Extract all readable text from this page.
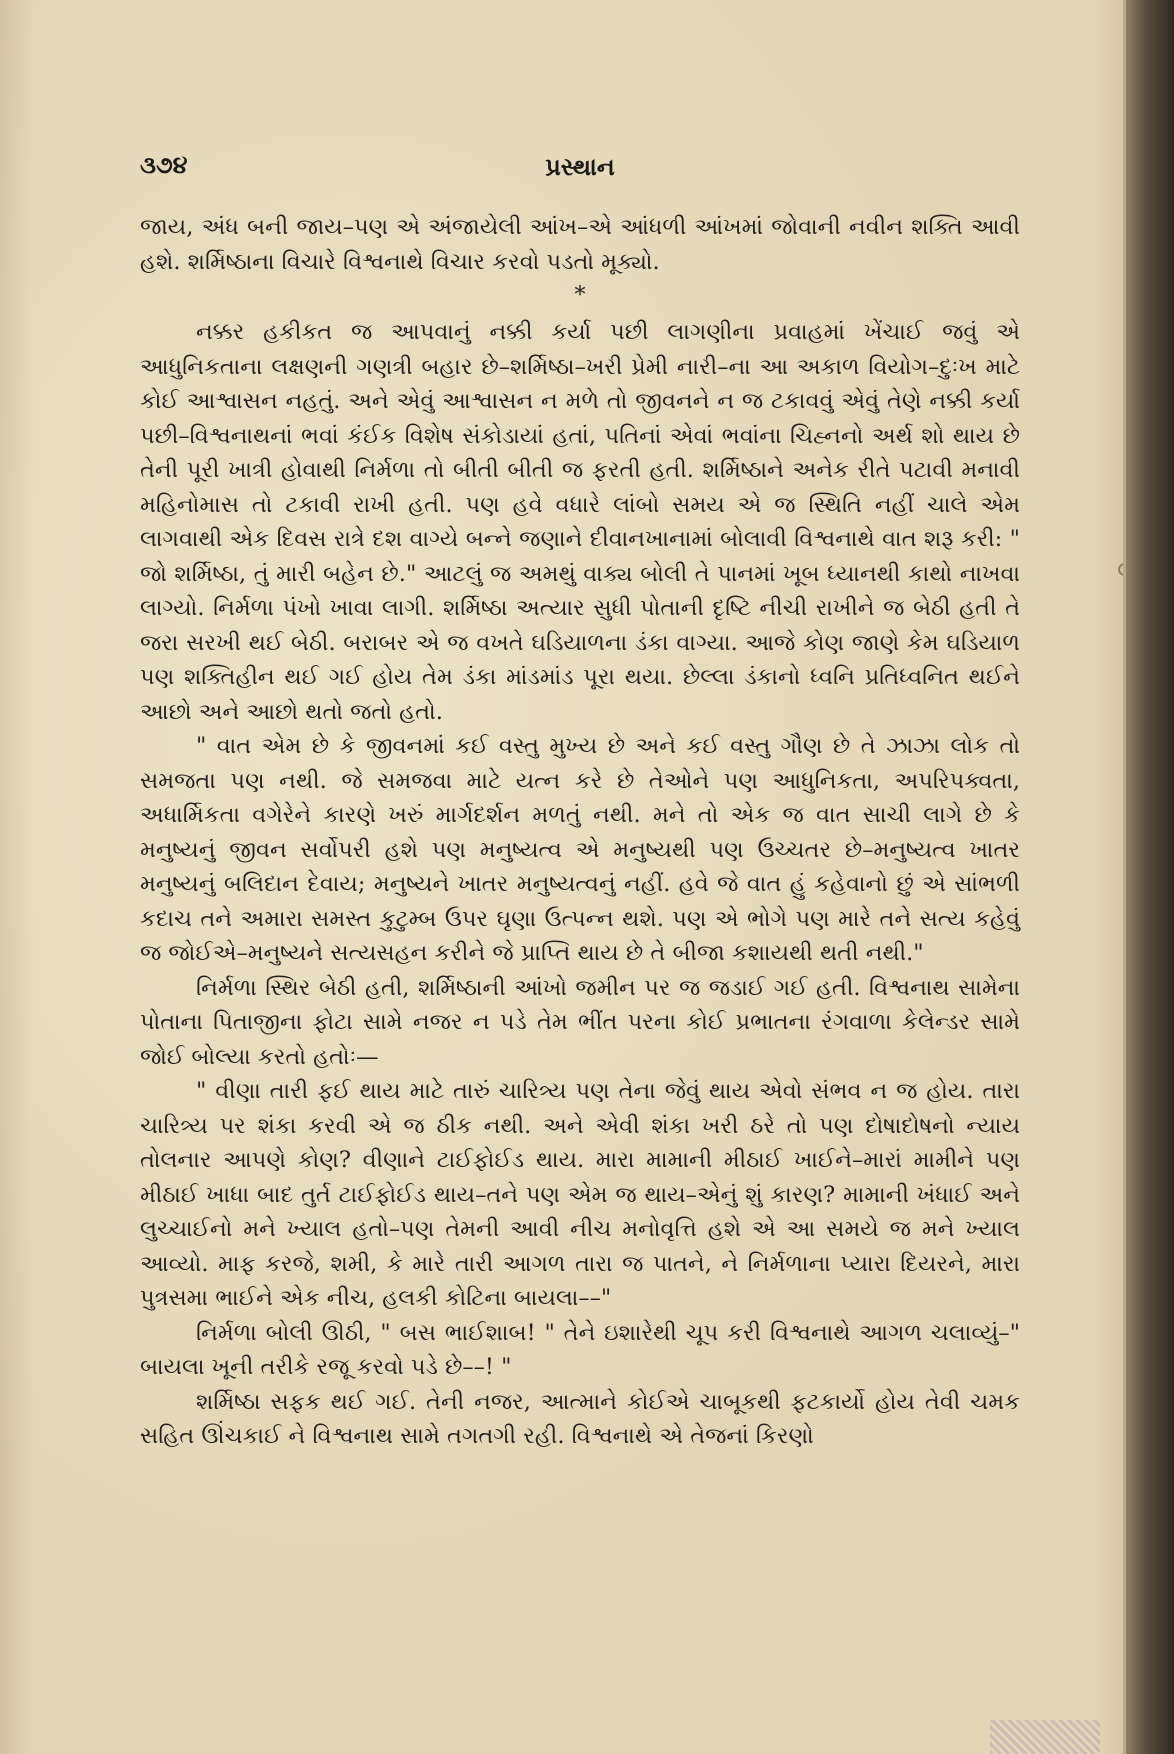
૩૭૪	પ્રસ્થાન

જાય, અંધ બની જાય–પણ એ અંજાયેલી આંખ–એ આંધળી આંખમાં જોવાની નવીન શક્તિ આવી હશે. શર્મિષ્ઠાના વિચારે વિશ્વનાથે વિચાર કરવો પડતો મૂક્યો.

*

નક્કર હકીકત જ આપવાનું નક્કી કર્યા પછી લાગણીના પ્રવાહમાં ખેંચાઈ જવું એ આધુનિકતાના લક્ષણની ગણત્રી બહાર છે–શર્મિષ્ઠા–ખરી પ્રેમી નારી–ના આ અકાળ વિયોગ–દુઃખ માટે કોઈ આશ્વાસન નહતું. અને એવું આશ્વાસન ન મળે તો જીવનને ન જ ટકાવવું એવું તેણે નક્કી કર્યા પછી–વિશ્વનાથનાં ભવાં કંઈક વિશેષ સંકોડાયાં હતાં, પતિનાં એવાં ભવાંના ચિહ્નનો અર્થ શો થાય છે તેની પૂરી ખાત્રી હોવાથી નિર્મળા તો બીતી બીતી જ ફરતી હતી. શર્મિષ્ઠાને અનેક રીતે પટાવી મનાવી મહિનોમાસ તો ટકાવી રાખી હતી. પણ હવે વધારે લાંબો સમય એ જ સ્થિતિ નહીં ચાલે એમ લાગવાથી એક દિવસ રાત્રે દશ વાગ્યે બન્ને જણાને દીવાનખાનામાં બોલાવી વિશ્વનાથે વાત શરૂ કરી: " જો શર્મિષ્ઠા, તું મારી બહેન છે." આટલું જ અમથું વાક્ય બોલી તે પાનમાં ખૂબ ધ્યાનથી કાથો નાખવા લાગ્યો. નિર્મળા પંખો ખાવા લાગી. શર્મિષ્ઠા અત્યાર સુધી પોતાની દૃષ્ટિ નીચી રાખીને જ બેઠી હતી તે જરા સરખી થઈ બેઠી. બરાબર એ જ વખતે ઘડિયાળના ડંકા વાગ્યા. આજે કોણ જાણે કેમ ઘડિયાળ પણ શક્તિહીન થઈ ગઈ હોય તેમ ડંકા માંડમાંડ પૂરા થયા. છેલ્લા ડંકાનો ધ્વનિ પ્રતિધ્વનિત થઈને આછો અને આછો થતો જતો હતો.

" વાત એમ છે કે જીવનમાં કઈ વસ્તુ મુખ્ય છે અને કઈ વસ્તુ ગૌણ છે તે ઝાઝા લોક તો સમજતા પણ નથી. જે સમજવા માટે યત્ન કરે છે તેઓને પણ આધુનિકતા, અપરિપક્વતા, અધાર્મિકતા વગેરેને કારણે ખરું માર્ગદર્શન મળતું નથી. મને તો એક જ વાત સાચી લાગે છે કે મનુષ્યનું જીવન સર્વોપરી હશે પણ મનુષ્યત્વ એ મનુષ્યથી પણ ઉચ્ચતર છે–મનુષ્યત્વ ખાતર મનુષ્યનું બલિદાન દેવાય; મનુષ્યને ખાતર મનુષ્યત્વનું નહીં. હવે જે વાત હું કહેવાનો છું એ સાંભળી કદાચ તને અમારા સમસ્ત કુટુમ્બ ઉપર ઘૃણા ઉત્પન્ન થશે. પણ એ ભોગે પણ મારે તને સત્ય કહેવું જ જોઈએ–મનુષ્યને સત્યસહન કરીને જે પ્રાપ્તિ થાય છે તે બીજા કશાયથી થતી નથી."

નિર્મળા સ્થિર બેઠી હતી, શર્મિષ્ઠાની આંખો જમીન પર જ જડાઈ ગઈ હતી. વિશ્વનાથ સામેના પોતાના પિતાજીના ફોટા સામે નજર ન પડે તેમ ભીંત પરના કોઈ પ્રભાતના રંગવાળા કેલેન્ડર સામે જોઈ બોલ્યા કરતો હતોઃ—

" વીણા તારી ફઈ થાય માટે તારું ચારિત્ર્ય પણ તેના જેવું થાય એવો સંભવ ન જ હોય. તારા ચારિત્ર્ય પર શંકા કરવી એ જ ઠીક નથી. અને એવી શંકા ખરી ઠરે તો પણ દોષાદોષનો ન્યાય તોલનાર આપણે કોણ? વીણાને ટાઈફોઈડ થાય. મારા મામાની મીઠાઈ ખાઈને–મારાં મામીને પણ મીઠાઈ ખાધા બાદ તુર્ત ટાઈફોઈડ થાય–તને પણ એમ જ થાય–એનું શું કારણ? મામાની ખંધાઈ અને લુચ્ચાઈનો મને ખ્યાલ હતો–પણ તેમની આવી નીચ મનોવૃત્તિ હશે એ આ સમયે જ મને ખ્યાલ આવ્યો. માફ કરજે, શમી, કે મારે તારી આગળ તારા જ પાતને, ને નિર્મળાના પ્યારા દિયરને, મારા પુત્રસમા ભાઈને એક નીચ, હલકી કોટિના બાયલા––"

નિર્મળા બોલી ઊઠી, " બસ ભાઈશાબ! " તેને ઇશારેથી ચૂપ કરી વિશ્વનાથે આગળ ચલાવ્યું–" બાયલા ખૂની તરીકે રજૂ કરવો પડે છે––! "

શર્મિષ્ઠા સફક થઈ ગઈ. તેની નજર, આત્માને કોઈએ ચાબૂકથી ફટકાર્યો હોય તેવી ચમક સહિત ઊંચકાઈ ને વિશ્વનાથ સામે તગતગી રહી. વિશ્વનાથે એ તેજનાં કિરણો
